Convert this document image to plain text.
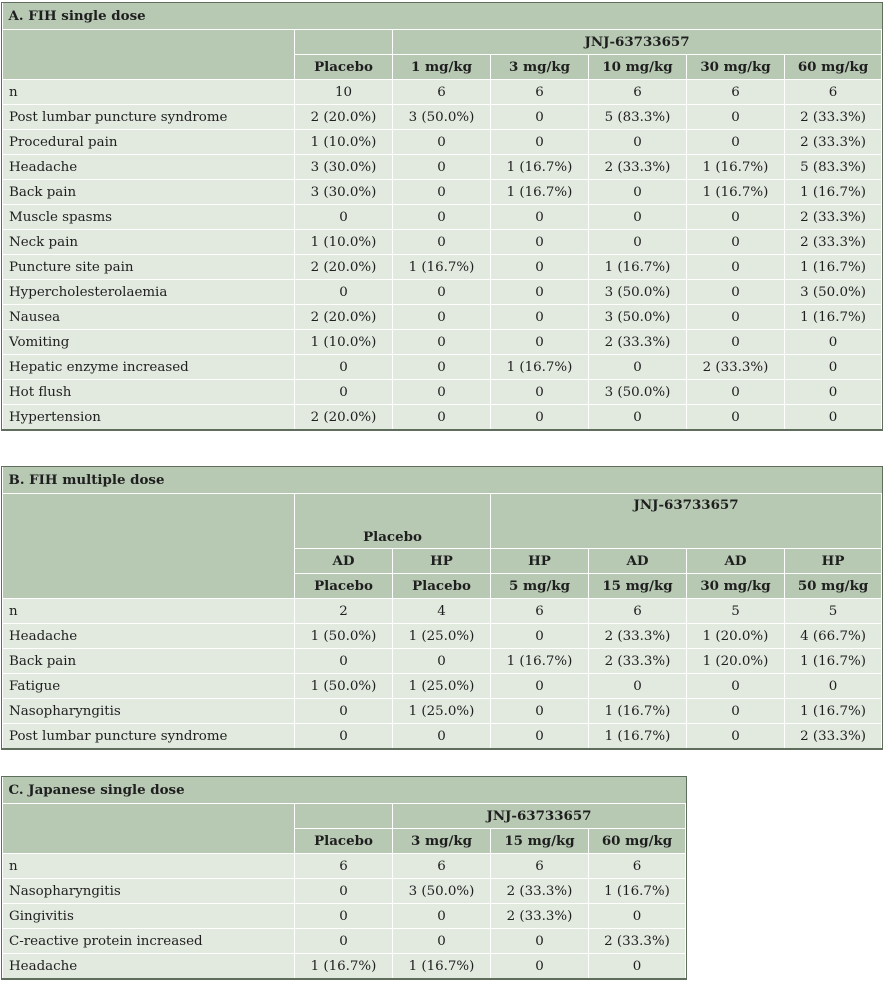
A. FIH single dose						
		JNJ-63733657				
	Placebo	1 mg/kg	3 mg/kg	10 mg/kg	30 mg/kg	60 mg/kg
n	10	6	6	6	6	6
Post lumbar puncture syndrome	2 (20.0%)	3 (50.0%)	0	5 (83.3%)	0	2 (33.3%)
Procedural pain	1 (10.0%)	0	0	0	0	2 (33.3%)
Headache	3 (30.0%)	0	1 (16.7%)	2 (33.3%)	1 (16.7%)	5 (83.3%)
Back pain	3 (30.0%)	0	1 (16.7%)	0	1 (16.7%)	1 (16.7%)
Muscle spasms	0	0	0	0	0	2 (33.3%)
Neck pain	1 (10.0%)	0	0	0	0	2 (33.3%)
Puncture site pain	2 (20.0%)	1 (16.7%)	0	1 (16.7%)	0	1 (16.7%)
Hypercholesterolaemia	0	0	0	3 (50.0%)	0	3 (50.0%)
Nausea	2 (20.0%)	0	0	3 (50.0%)	0	1 (16.7%)
Vomiting	1 (10.0%)	0	0	2 (33.3%)	0	0
Hepatic enzyme increased	0	0	1 (16.7%)	0	2 (33.3%)	0
Hot flush	0	0	0	3 (50.0%)	0	0
Hypertension	2 (20.0%)	0	0	0	0	0
B. FIH multiple dose						
	Placebo		JNJ-63733657			
	AD	HP	HP	AD	AD	HP
	Placebo	Placebo	5 mg/kg	15 mg/kg	30 mg/kg	50 mg/kg
n	2	4	6	6	5	5
Headache	1 (50.0%)	1 (25.0%)	0	2 (33.3%)	1 (20.0%)	4 (66.7%)
Back pain	0	0	1 (16.7%)	2 (33.3%)	1 (20.0%)	1 (16.7%)
Fatigue	1 (50.0%)	1 (25.0%)	0	0	0	0
Nasopharyngitis	0	1 (25.0%)	0	1 (16.7%)	0	1 (16.7%)
Post lumbar puncture syndrome	0	0	0	1 (16.7%)	0	2 (33.3%)
C. Japanese single dose				
		JNJ-63733657		
	Placebo	3 mg/kg	15 mg/kg	60 mg/kg
n	6	6	6	6
Nasopharyngitis	0	3 (50.0%)	2 (33.3%)	1 (16.7%)
Gingivitis	0	0	2 (33.3%)	0
C-reactive protein increased	0	0	0	2 (33.3%)
Headache	1 (16.7%)	1 (16.7%)	0	0
